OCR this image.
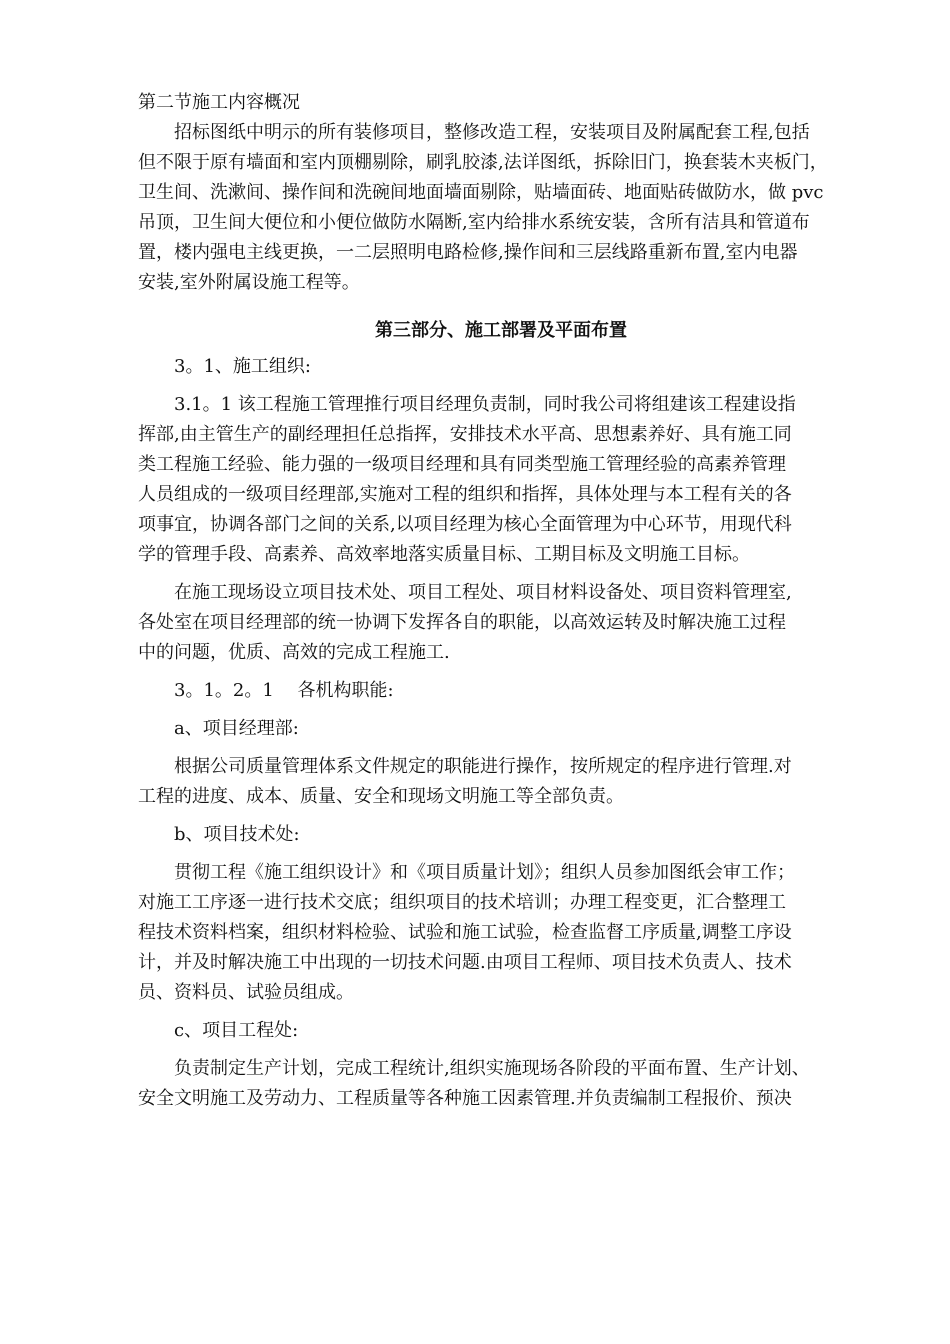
第二节施工内容概况
招标图纸中明示的所有装修项目，整修改造工程，安装项目及附属配套工程,包括
但不限于原有墙面和室内顶棚剔除，刷乳胶漆,法详图纸，拆除旧门，换套装木夹板门，
卫生间、洗漱间、操作间和洗碗间地面墙面剔除，贴墙面砖、地面贴砖做防水，做 pvc
吊顶，卫生间大便位和小便位做防水隔断,室内给排水系统安装，含所有洁具和管道布
置，楼内强电主线更换，一二层照明电路检修,操作间和三层线路重新布置,室内电器
安装,室外附属设施工程等。
第三部分、施工部署及平面布置
3。1、施工组织:
3.1。1 该工程施工管理推行项目经理负责制，同时我公司将组建该工程建设指
挥部,由主管生产的副经理担任总指挥，安排技术水平高、思想素养好、具有施工同
类工程施工经验、能力强的一级项目经理和具有同类型施工管理经验的高素养管理
人员组成的一级项目经理部,实施对工程的组织和指挥，具体处理与本工程有关的各
项事宜，协调各部门之间的关系,以项目经理为核心全面管理为中心环节，用现代科
学的管理手段、高素养、高效率地落实质量目标、工期目标及文明施工目标。
在施工现场设立项目技术处、项目工程处、项目材料设备处、项目资料管理室,
各处室在项目经理部的统一协调下发挥各自的职能，以高效运转及时解决施工过程
中的问题，优质、高效的完成工程施工.
3。1。2。1　 各机构职能:
a、项目经理部:
根据公司质量管理体系文件规定的职能进行操作，按所规定的程序进行管理.对
工程的进度、成本、质量、安全和现场文明施工等全部负责。
b、项目技术处:
贯彻工程《施工组织设计》和《项目质量计划》；组织人员参加图纸会审工作；
对施工工序逐一进行技术交底；组织项目的技术培训；办理工程变更，汇合整理工
程技术资料档案，组织材料检验、试验和施工试验，检查监督工序质量,调整工序设
计，并及时解决施工中出现的一切技术问题.由项目工程师、项目技术负责人、技术
员、资料员、试验员组成。
c、项目工程处:
负责制定生产计划，完成工程统计,组织实施现场各阶段的平面布置、生产计划、
安全文明施工及劳动力、工程质量等各种施工因素管理.并负责编制工程报价、预决
